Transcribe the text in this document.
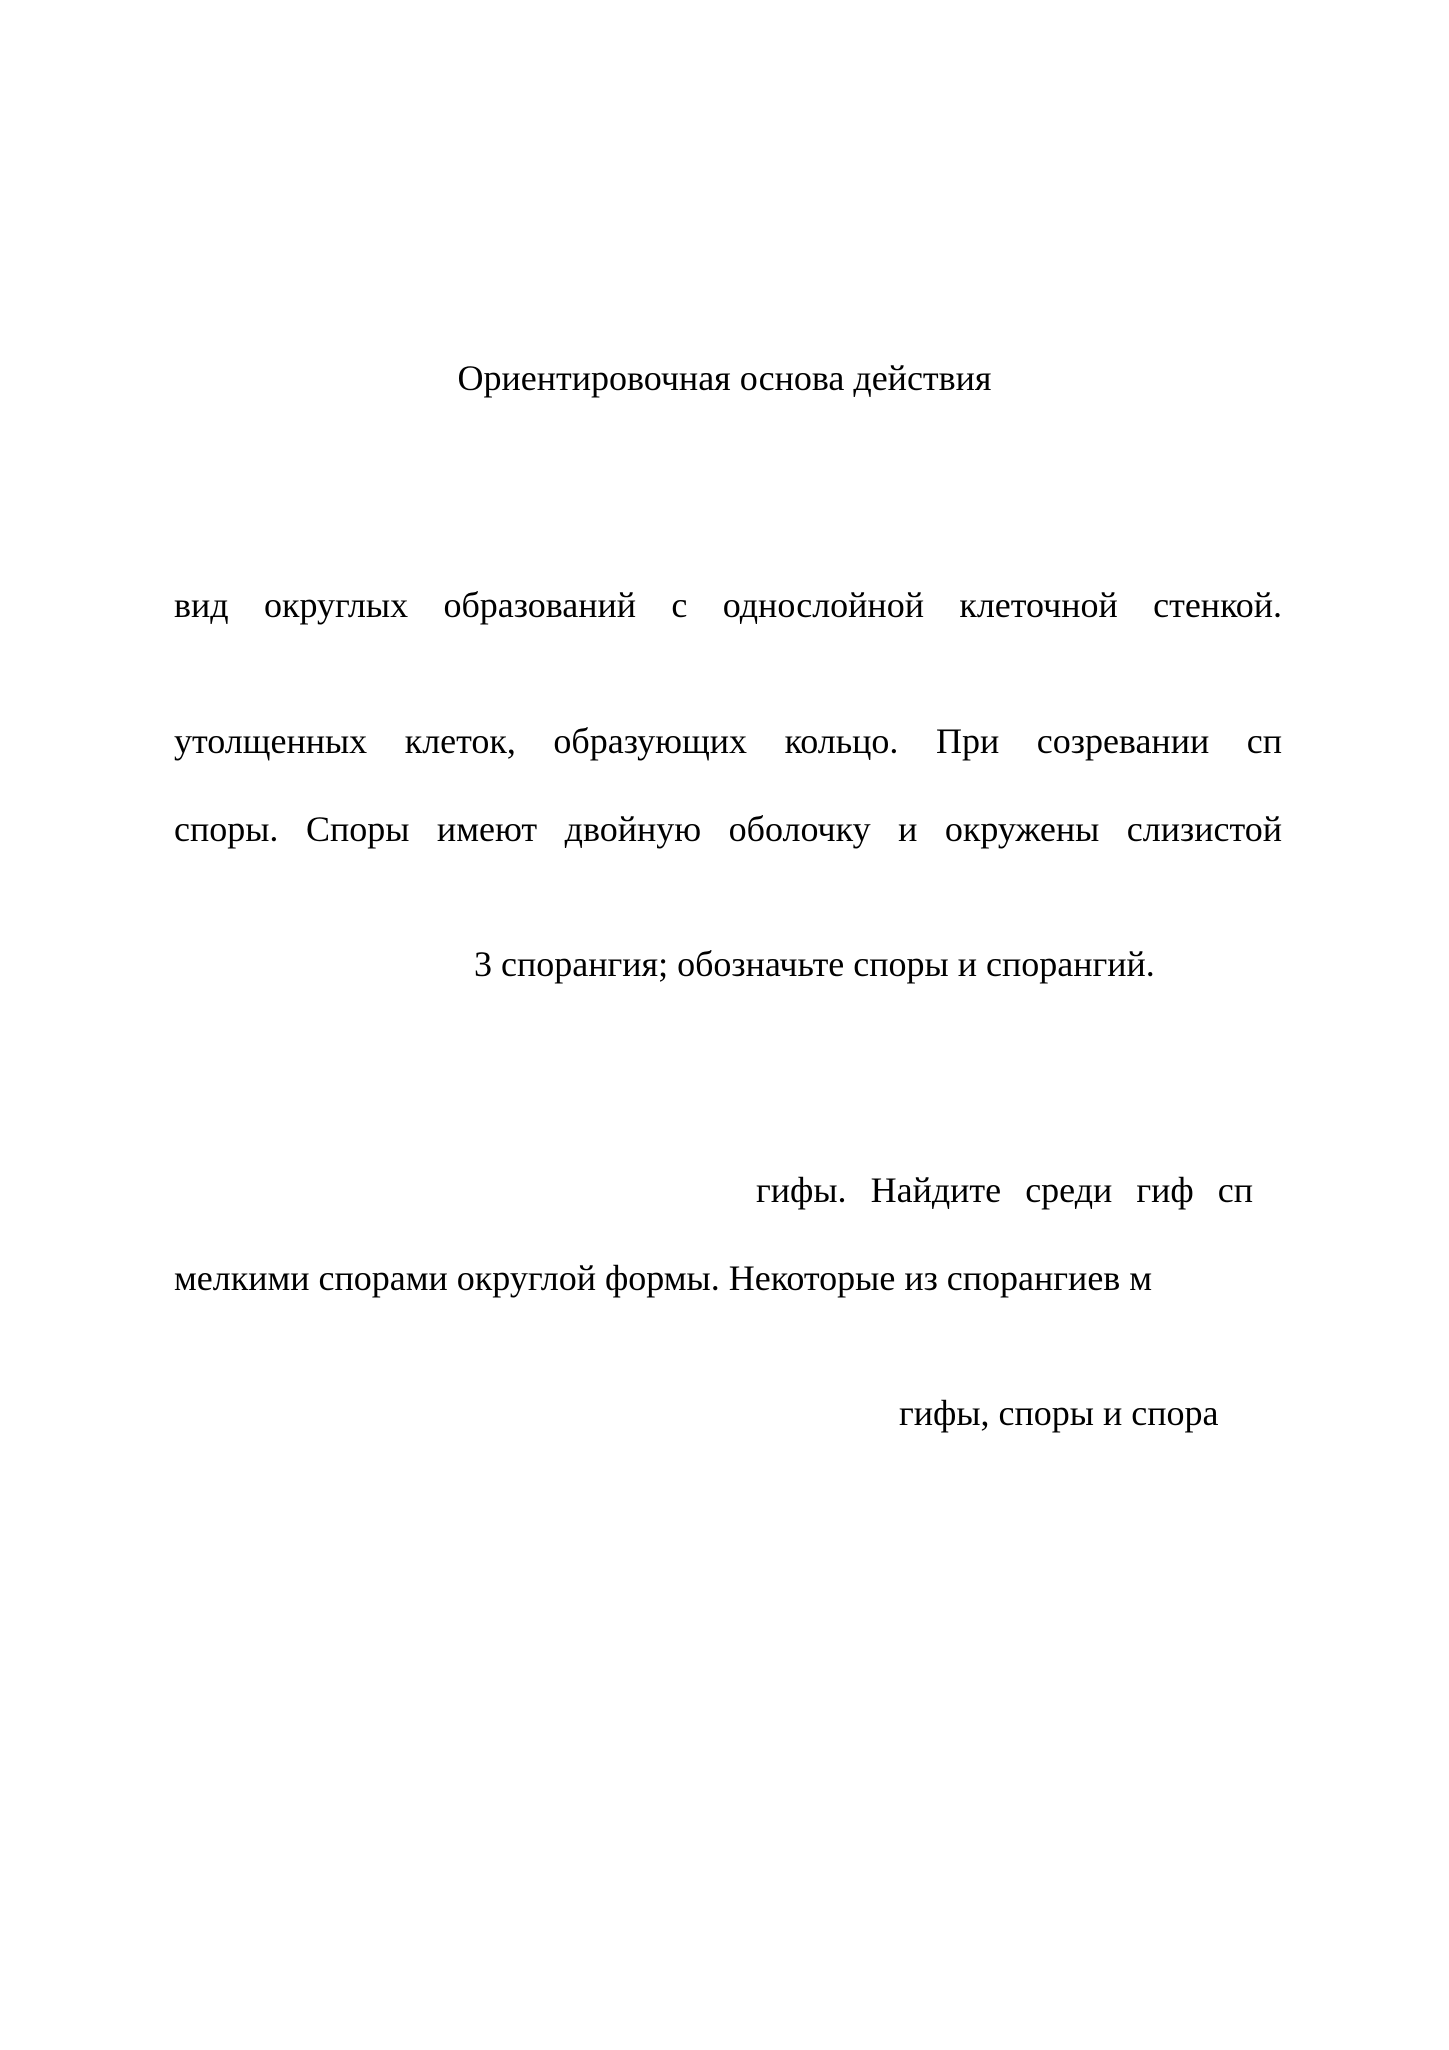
Ориентировочная основа действия
вид округлых образований с однослойной клеточной стенкой.
утолщенных клеток, образующих кольцо. При созревании сп
споры. Споры имеют двойную оболочку и окружены слизистой
3 спорангия; обозначьте споры и спорангий.
гифы. Найдите среди гиф сп
мелкими спорами округлой формы. Некоторые из спорангиев м
гифы, споры и спора
